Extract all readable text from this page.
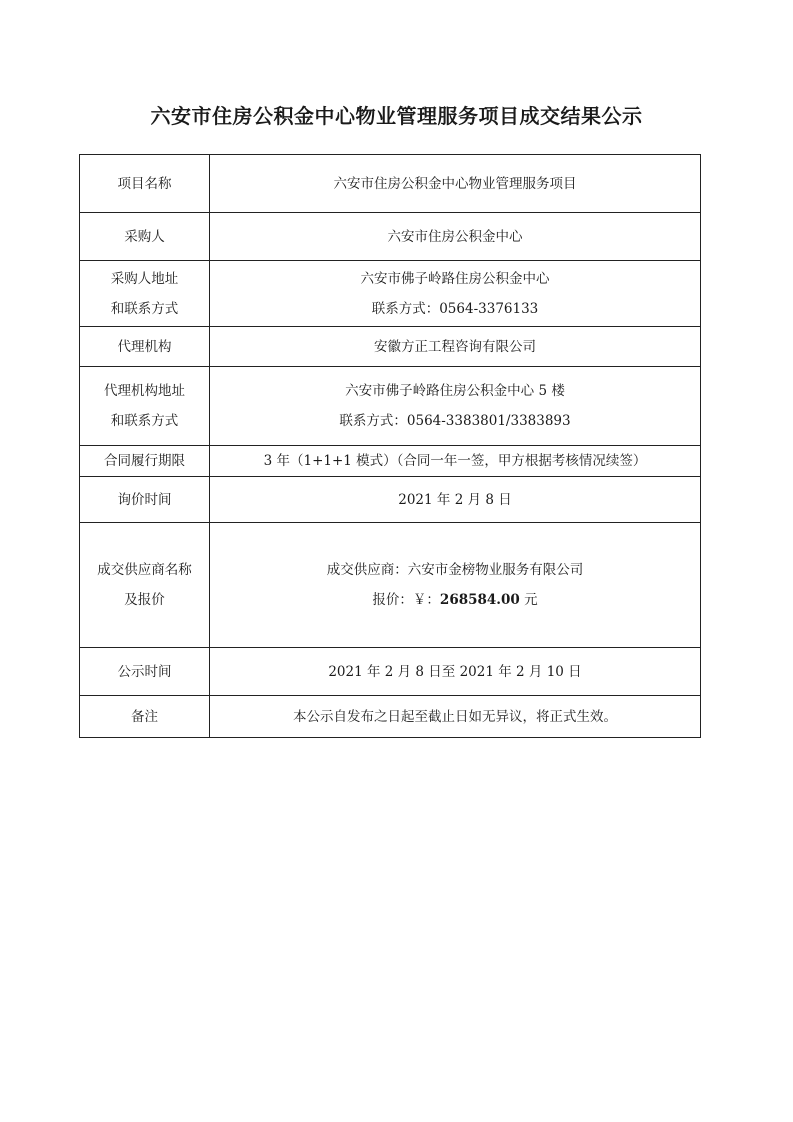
六安市住房公积金中心物业管理服务项目成交结果公示
项目名称	六安市住房公积金中心物业管理服务项目

采购人	六安市住房公积金中心

采购人地址
和联系方式	六安市佛子岭路住房公积金中心
联系方式：0564-3376133

代理机构	安徽方正工程咨询有限公司

代理机构地址
和联系方式	六安市佛子岭路住房公积金中心 5 楼
联系方式：0564-3383801/3383893

合同履行期限	3 年（1+1+1 模式）（合同一年一签，甲方根据考核情况续签）

询价时间	2021 年 2 月 8 日

成交供应商名称
及报价	成交供应商：六安市金榜物业服务有限公司
报价：￥：268584.00 元

公示时间	2021 年 2 月 8 日至 2021 年 2 月 10 日

备注	本公示自发布之日起至截止日如无异议，将正式生效。
